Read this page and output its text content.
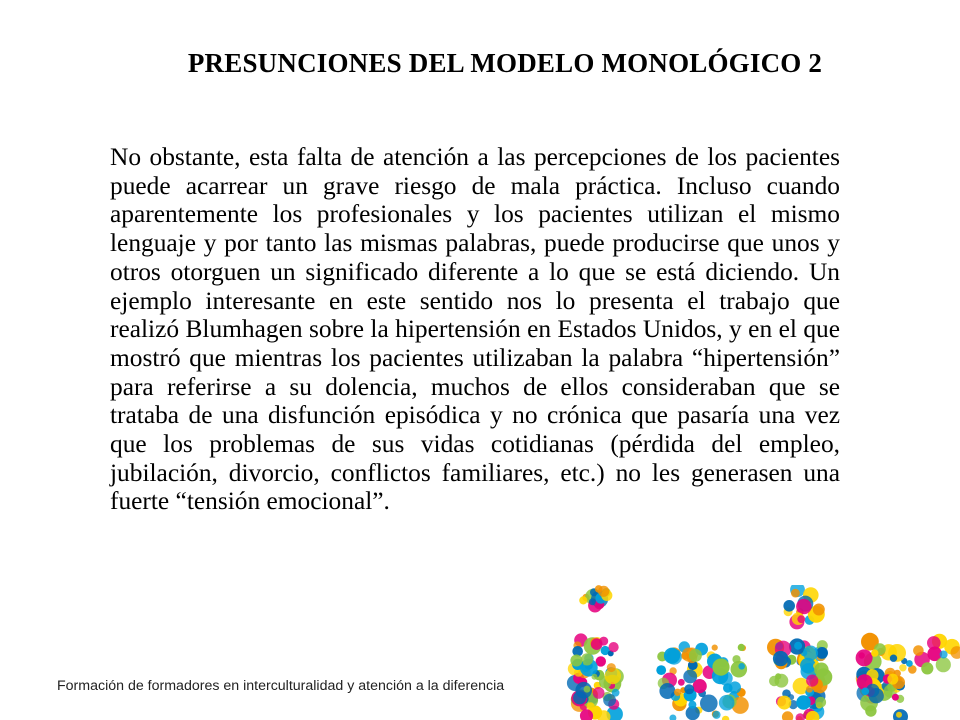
PRESUNCIONES DEL MODELO MONOLÓGICO 2

No obstante, esta falta de atención a las percepciones de los pacientes puede acarrear un grave riesgo de mala práctica. Incluso cuando aparentemente los profesionales y los pacientes utilizan el mismo lenguaje y por tanto las mismas palabras, puede producirse que unos y otros otorguen un significado diferente a lo que se está diciendo. Un ejemplo interesante en este sentido nos lo presenta el trabajo que realizó Blumhagen sobre la hipertensión en Estados Unidos, y en el que mostró que mientras los pacientes utilizaban la palabra “hipertensión” para referirse a su dolencia, muchos de ellos consideraban que se trataba de una disfunción episódica y no crónica que pasaría una vez que los problemas de sus vidas cotidianas (pérdida del empleo, jubilación, divorcio, conflictos familiares, etc.) no les generasen una fuerte “tensión emocional”.

Formación de formadores en interculturalidad y atención a la diferencia
